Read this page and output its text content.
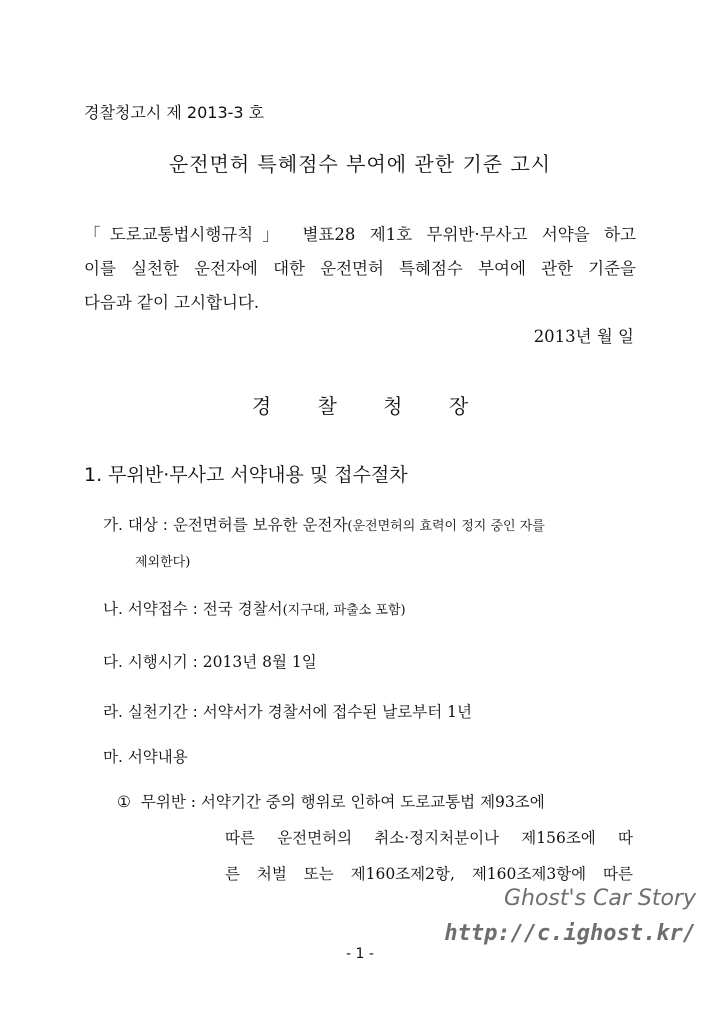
경찰청고시 제 2013-3 호
운전면허 특혜점수 부여에 관한 기준 고시
「도로교통법시행규칙」 별표28 제1호 무위반·무사고 서약을 하고
이를 실천한 운전자에 대한 운전면허 특혜점수 부여에 관한 기준을
다음과 같이 고시합니다.
2013년 월 일
경 찰 청 장
1. 무위반·무사고 서약내용 및 접수절차
가. 대상 : 운전면허를 보유한 운전자(운전면허의 효력이 정지 중인 자를
제외한다)
나. 서약접수 : 전국 경찰서(지구대, 파출소 포함)
다. 시행시기 : 2013년 8월 1일
라. 실천기간 : 서약서가 경찰서에 접수된 날로부터 1년
마. 서약내용
① 무위반 : 서약기간 중의 행위로 인하여 도로교통법 제93조에
따른 운전면허의 취소·정지처분이나 제156조에 따
른 처벌 또는 제160조제2항, 제160조제3항에 따른
Ghost's Car Story
http://c.ighost.kr/
- 1 -
